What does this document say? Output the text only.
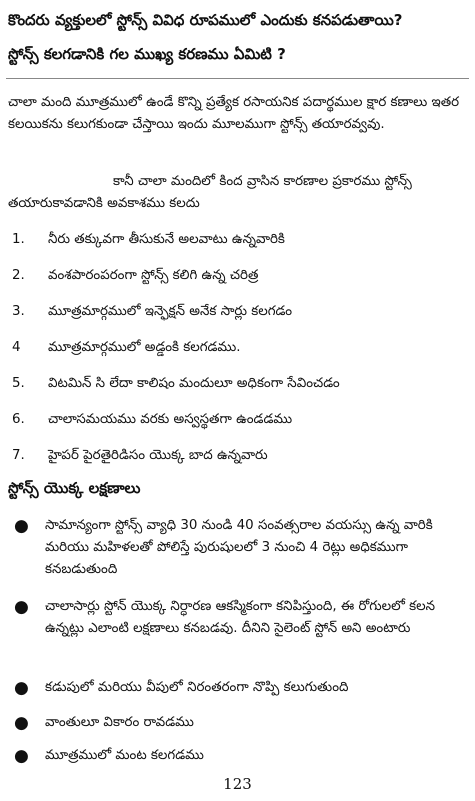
కొందరు వ్యక్తులలో స్టోన్స్ వివిధ రూపములో ఎందుకు కనపడుతాయి?
స్టోన్స్ కలగడానికి గల ముఖ్య కరణము ఏమిటి ?
చాలా మంది మూత్రములో ఉండే కొన్ని ప్రత్యేక రసాయనిక పదార్థముల క్షార కణాలు ఇతర కలయికను కలుగకుండా చేస్తాయి ఇందు మూలముగా స్టోన్స్ తయారవ్వవు.
కానీ చాలా మందిలో కింద వ్రాసిన కారణాల ప్రకారము స్టోన్స్ తయారుకావడానికి అవకాశము కలదు
1.	నీరు తక్కువగా తీసుకునే అలవాటు ఉన్నవారికి
2.	వంశపారంపరంగా స్టోన్స్ కలిగి ఉన్న చరిత్ర
3.	మూత్రమార్గములో ఇన్ఫెక్షన్ అనేక సార్లు కలగడం
4	మూత్రమార్గములో అడ్డంకి కలగడము.
5.	విటమిన్ సి లేదా కాలిషం మందులూ అధికంగా సేవించడం
6.	చాలాసమయము వరకు అస్వస్థతగా ఉండడము
7.	హైపర్ పైరతైరిడిసం యొక్క బాద ఉన్నవారు
స్టోన్స్ యొక్క లక్షణాలు
● సామాన్యంగా స్టోన్స్ వ్యాధి 30 నుండి 40 సంవత్సరాల వయస్సు ఉన్న వారికి మరియు మహిళలతో పోలిస్తే పురుషులలో 3 నుంచి 4 రెట్లు అధికముగా కనబడుతుంది
● చాలాసార్లు స్టోన్ యొక్క నిర్ధారణ ఆకస్మికంగా కనిపిస్తుంది, ఈ రోగులలో కలన ఉన్నట్లు ఎలాంటి లక్షణాలు కనబడవు. దీనిని సైలెంట్ స్టోన్ అని అంటారు
● కడుపులో మరియు వీపులో నిరంతరంగా నొప్పి కలుగుతుంది
● వాంతులూ వికారం రావడము
● మూత్రములో మంట కలగడము
123
